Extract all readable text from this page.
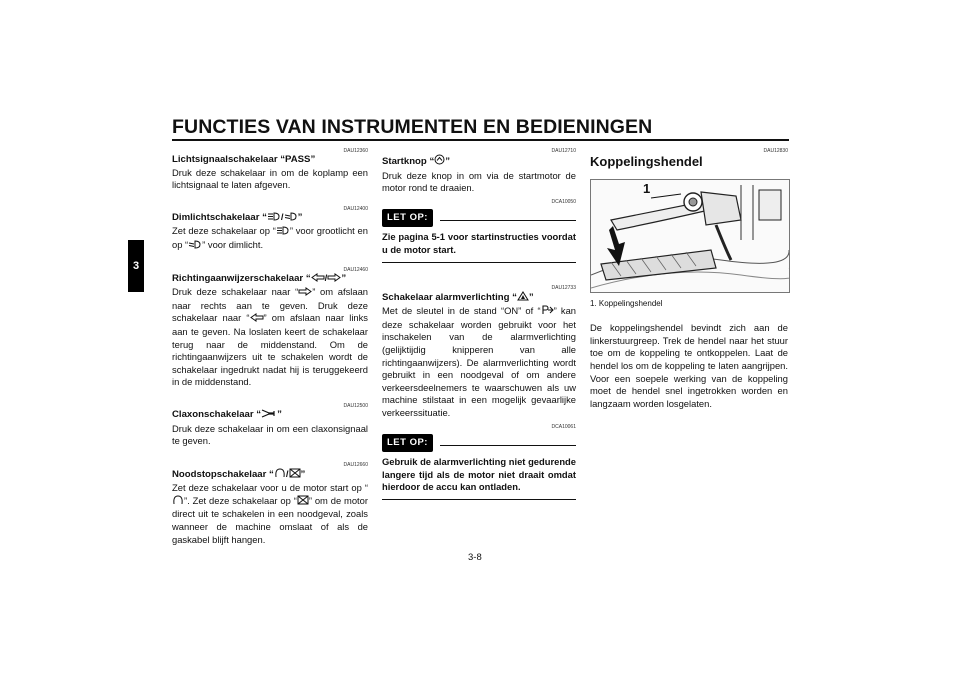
FUNCTIES VAN INSTRUMENTEN EN BEDIENINGEN
3
DAU12360
Lichtsignaalschakelaar “PASS”
Druk deze schakelaar in om de koplamp een lichtsignaal te laten afgeven.
DAU12400
Dimlichtschakelaar “ / ”
Zet deze schakelaar op “ ” voor grootlicht en op “ ” voor dimlicht.
DAU12460
Richtingaanwijzerschakelaar “ / ”
Druk deze schakelaar naar “ ” om afslaan naar rechts aan te geven. Druk deze schakelaar naar “ ” om afslaan naar links aan te geven. Na loslaten keert de schakelaar terug naar de middenstand. Om de richtingaanwijzers uit te schakelen wordt de schakelaar ingedrukt nadat hij is teruggekeerd in de middenstand.
DAU12500
Claxonschakelaar “ ”
Druk deze schakelaar in om een claxonsignaal te geven.
DAU12660
Noodstopschakelaar “ / ”
Zet deze schakelaar voor u de motor start op “”. Zet deze schakelaar op “ ” om de motor direct uit te schakelen in een noodgeval, zoals wanneer de machine omslaat of als de gaskabel blijft hangen.
DAU12710
Startknop “ ”
Druk deze knop in om via de startmotor de motor rond te draaien.
DCA10050
LET OP:
Zie pagina 5-1 voor startinstructies voordat u de motor start.
DAU12733
Schakelaar alarmverlichting “ ”
Met de sleutel in de stand “ON” of “ ” kan deze schakelaar worden gebruikt voor het inschakelen van de alarmverlichting (gelijktijdig knipperen van alle richtingaanwijzers). De alarmverlichting wordt gebruikt in een noodgeval of om andere verkeersdeelnemers te waarschuwen als uw machine stilstaat in een mogelijk gevaarlijke verkeerssituatie.
DCA10061
LET OP:
Gebruik de alarmverlichting niet gedurende langere tijd als de motor niet draait omdat hierdoor de accu kan ontladen.
DAU12830
Koppelingshendel
1
1. Koppelingshendel
De koppelingshendel bevindt zich aan de linkerstuurgreep. Trek de hendel naar het stuur toe om de koppeling te ontkoppelen. Laat de hendel los om de koppeling te laten aangrijpen. Voor een soepele werking van de koppeling moet de hendel snel ingetrokken worden en langzaam worden losgelaten.
3-8
